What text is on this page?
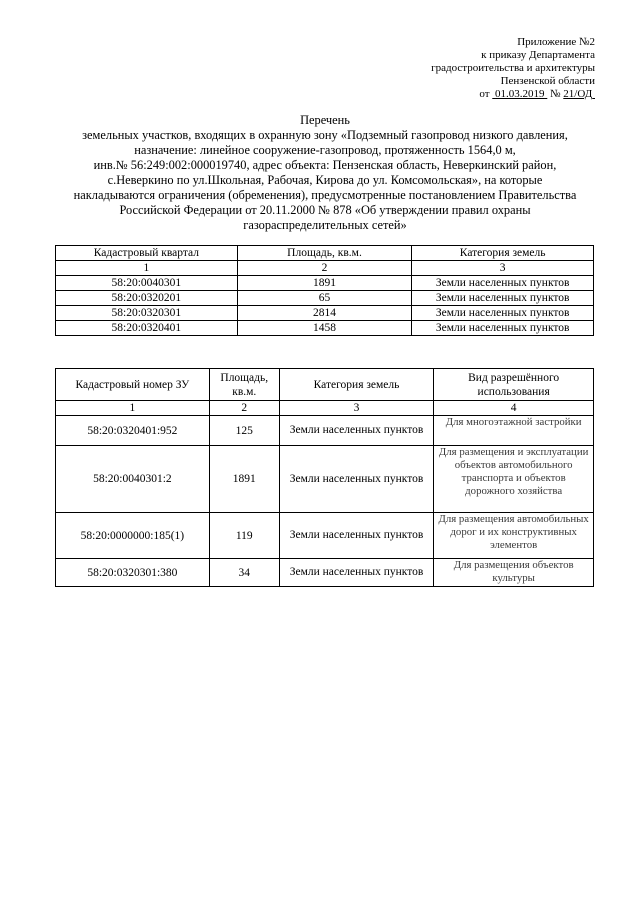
Приложение №2
к приказу Департамента
градостроительства и архитектуры
Пензенской области
от 01.03.2019 № 21/ОД
Перечень
земельных участков, входящих в охранную зону «Подземный газопровод низкого давления,
назначение: линейное сооружение-газопровод, протяженность 1564,0 м,
инв.№ 56:249:002:000019740, адрес объекта: Пензенская область, Неверкинский район,
с.Неверкино по ул.Школьная, Рабочая, Кирова до ул. Комсомольская», на которые
накладываются ограничения (обременения), предусмотренные постановлением Правительства
Российской Федерации от 20.11.2000 № 878 «Об утверждении правил охраны
газораспределительных сетей»
Кадастровый квартал	Площадь, кв.м.	Категория земель
1	2	3
58:20:0040301	1891	Земли населенных пунктов
58:20:0320201	65	Земли населенных пунктов
58:20:0320301	2814	Земли населенных пунктов
58:20:0320401	1458	Земли населенных пунктов
Кадастровый номер ЗУ	Площадь, кв.м.	Категория земель	Вид разрешённого использования
1	2	3	4
58:20:0320401:952	125	Земли населенных пунктов	Для многоэтажной застройки
58:20:0040301:2	1891	Земли населенных пунктов	Для размещения и эксплуатации объектов автомобильного транспорта и объектов дорожного хозяйства
58:20:0000000:185(1)	119	Земли населенных пунктов	Для размещения автомобильных дорог и их конструктивных элементов
58:20:0320301:380	34	Земли населенных пунктов	Для размещения объектов культуры
